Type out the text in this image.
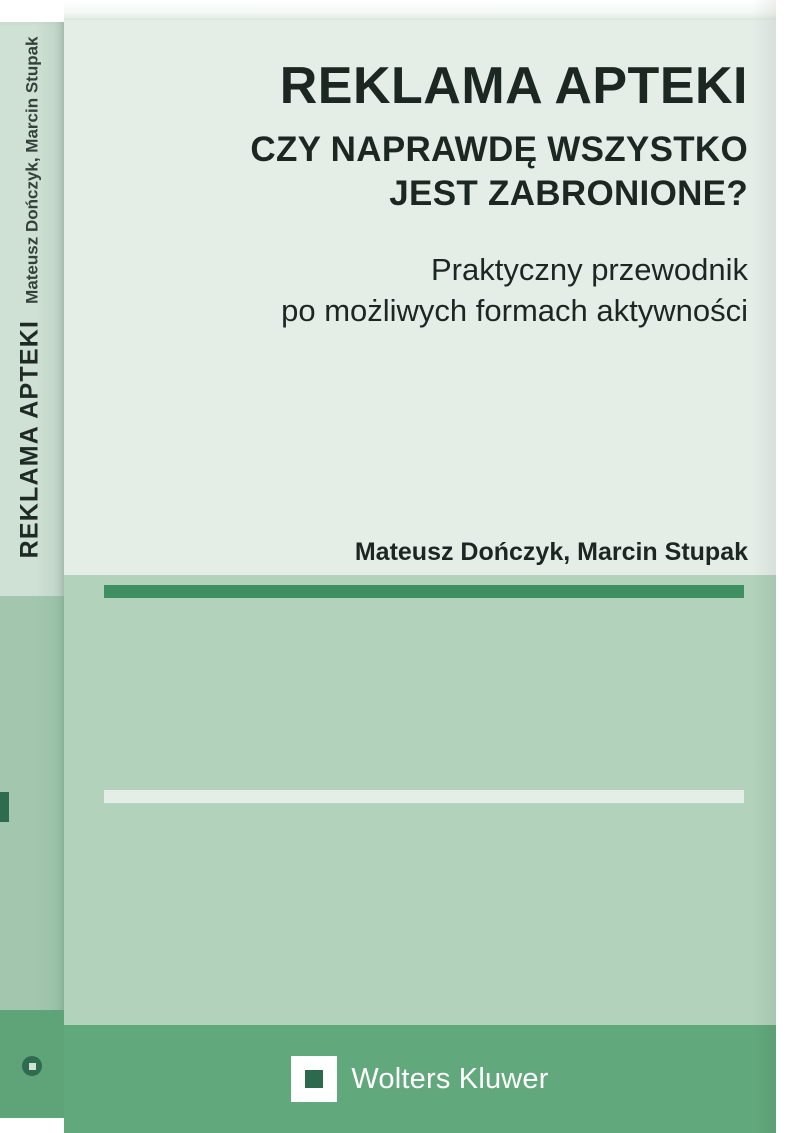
REKLAMA APTEKI
Mateusz Dończyk, Marcin Stupak	REKLAMA APTEKI
CZY NAPRAWDĘ WSZYSTKO
JEST ZABRONIONE?
Praktyczny przewodnik
po możliwych formach aktywności
Mateusz Dończyk, Marcin Stupak
Wolters Kluwer
